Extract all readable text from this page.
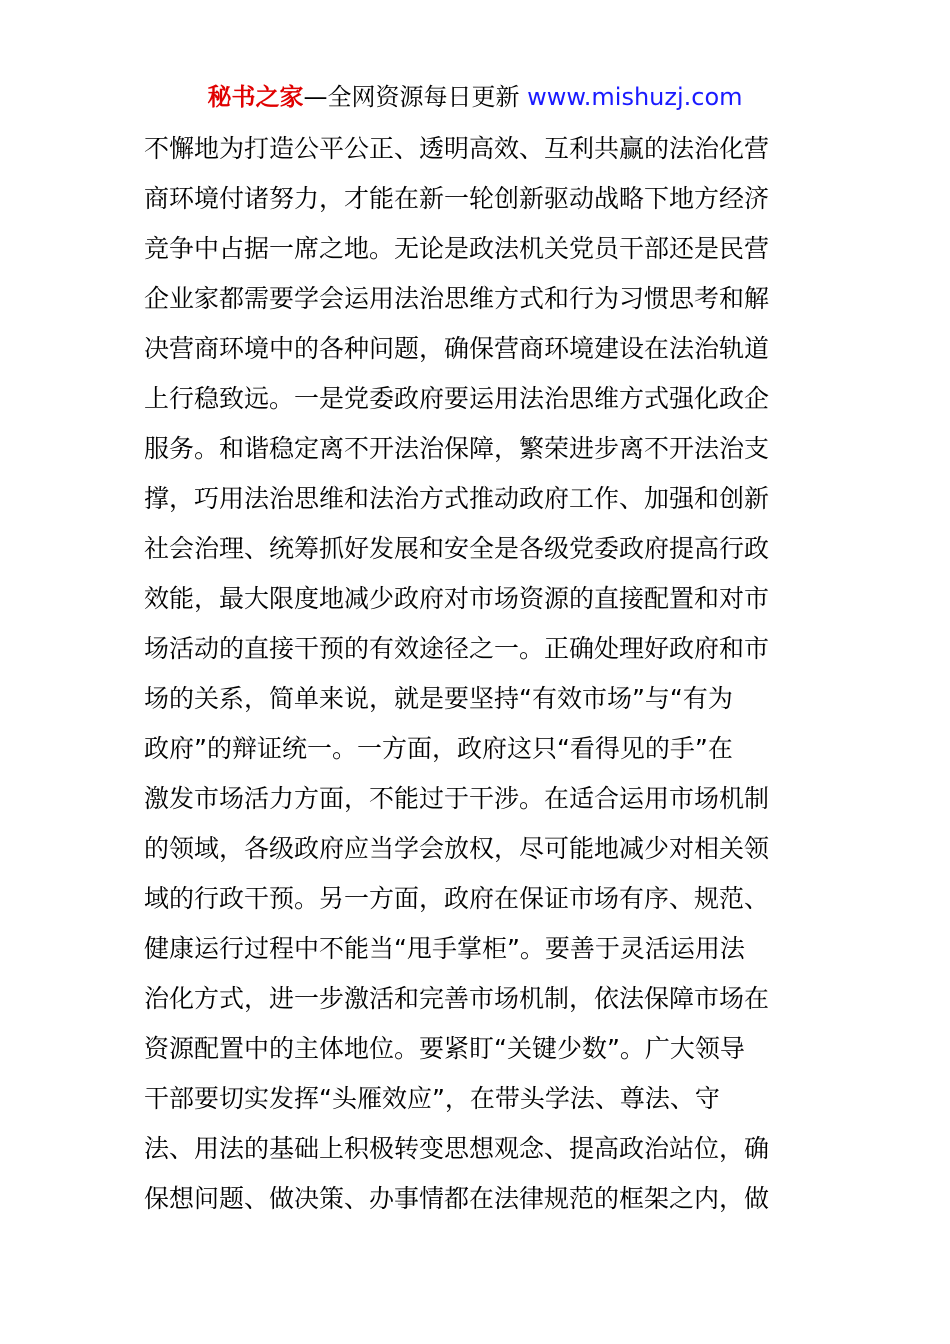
秘书之家—全网资源每日更新 www.mishuzj.com
不懈地为打造公平公正、透明高效、互利共赢的法治化营
商环境付诸努力，才能在新一轮创新驱动战略下地方经济
竞争中占据一席之地。无论是政法机关党员干部还是民营
企业家都需要学会运用法治思维方式和行为习惯思考和解
决营商环境中的各种问题，确保营商环境建设在法治轨道
上行稳致远。一是党委政府要运用法治思维方式强化政企
服务。和谐稳定离不开法治保障，繁荣进步离不开法治支
撑，巧用法治思维和法治方式推动政府工作、加强和创新
社会治理、统筹抓好发展和安全是各级党委政府提高行政
效能，最大限度地减少政府对市场资源的直接配置和对市
场活动的直接干预的有效途径之一。正确处理好政府和市
场的关系，简单来说，就是要坚持“有效市场”与“有为
政府”的辩证统一。一方面，政府这只“看得见的手”在
激发市场活力方面，不能过于干涉。在适合运用市场机制
的领域，各级政府应当学会放权，尽可能地减少对相关领
域的行政干预。另一方面，政府在保证市场有序、规范、
健康运行过程中不能当“甩手掌柜”。要善于灵活运用法
治化方式，进一步激活和完善市场机制，依法保障市场在
资源配置中的主体地位。要紧盯“关键少数”。广大领导
干部要切实发挥“头雁效应”，在带头学法、尊法、守
法、用法的基础上积极转变思想观念、提高政治站位，确
保想问题、做决策、办事情都在法律规范的框架之内，做
